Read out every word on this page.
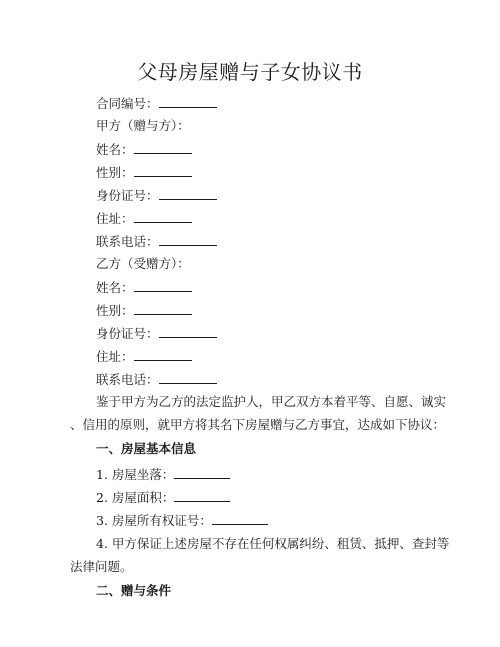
父母房屋赠与子女协议书
合同编号：
甲方（赠与方）：
姓名：
性别：
身份证号：
住址：
联系电话：
乙方（受赠方）：
姓名：
性别：
身份证号：
住址：
联系电话：
鉴于甲方为乙方的法定监护人，甲乙双方本着平等、自愿、诚实
、信用的原则，就甲方将其名下房屋赠与乙方事宜，达成如下协议：
一、房屋基本信息
1. 房屋坐落：
2. 房屋面积：
3. 房屋所有权证号：
4. 甲方保证上述房屋不存在任何权属纠纷、租赁、抵押、查封等
法律问题。
二、赠与条件
